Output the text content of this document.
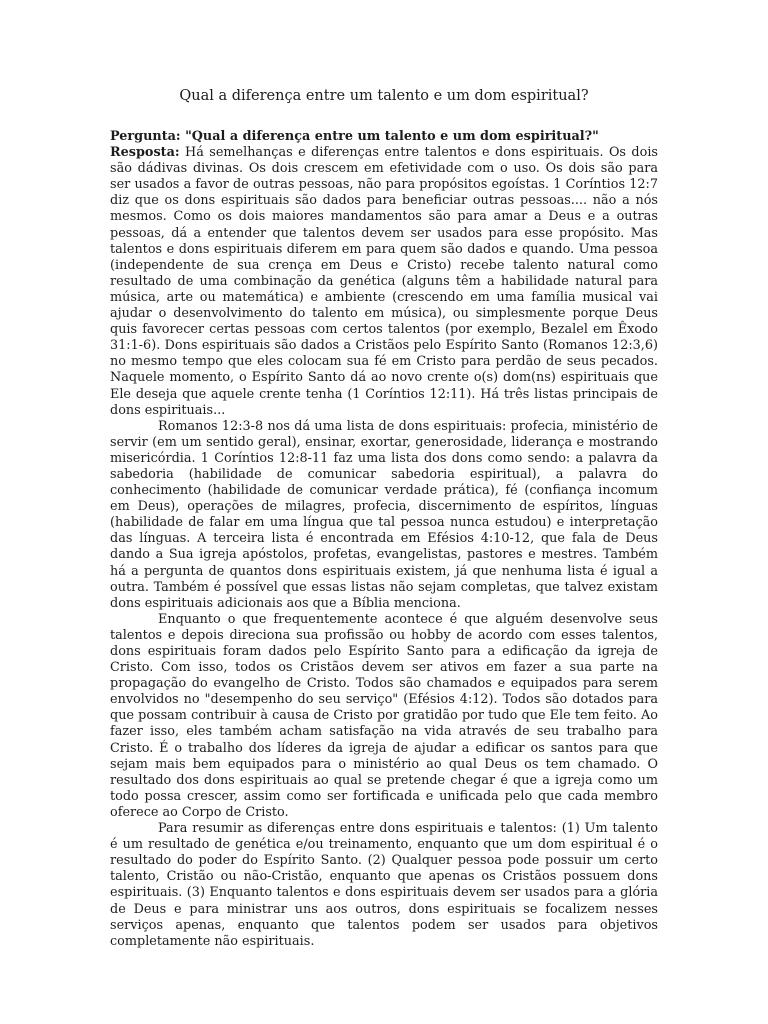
Qual a diferença entre um talento e um dom espiritual?

Pergunta: "Qual a diferença entre um talento e um dom espiritual?"

Resposta: Há semelhanças e diferenças entre talentos e dons espirituais. Os dois são dádivas divinas. Os dois crescem em efetividade com o uso. Os dois são para ser usados a favor de outras pessoas, não para propósitos egoístas. 1 Coríntios 12:7 diz que os dons espirituais são dados para beneficiar outras pessoas.... não a nós mesmos. Como os dois maiores mandamentos são para amar a Deus e a outras pessoas, dá a entender que talentos devem ser usados para esse propósito. Mas talentos e dons espirituais diferem em para quem são dados e quando. Uma pessoa (independente de sua crença em Deus e Cristo) recebe talento natural como resultado de uma combinação da genética (alguns têm a habilidade natural para música, arte ou matemática) e ambiente (crescendo em uma família musical vai ajudar o desenvolvimento do talento em música), ou simplesmente porque Deus quis favorecer certas pessoas com certos talentos (por exemplo, Bezalel em Êxodo 31:1-6). Dons espirituais são dados a Cristãos pelo Espírito Santo (Romanos 12:3,6) no mesmo tempo que eles colocam sua fé em Cristo para perdão de seus pecados. Naquele momento, o Espírito Santo dá ao novo crente o(s) dom(ns) espirituais que Ele deseja que aquele crente tenha (1 Coríntios 12:11). Há três listas principais de dons espirituais...

Romanos 12:3-8 nos dá uma lista de dons espirituais: profecia, ministério de servir (em um sentido geral), ensinar, exortar, generosidade, liderança e mostrando misericórdia. 1 Coríntios 12:8-11 faz uma lista dos dons como sendo: a palavra da sabedoria (habilidade de comunicar sabedoria espiritual), a palavra do conhecimento (habilidade de comunicar verdade prática), fé (confiança incomum em Deus), operações de milagres, profecia, discernimento de espíritos, línguas (habilidade de falar em uma língua que tal pessoa nunca estudou) e interpretação das línguas. A terceira lista é encontrada em Efésios 4:10-12, que fala de Deus dando a Sua igreja apóstolos, profetas, evangelistas, pastores e mestres. Também há a pergunta de quantos dons espirituais existem, já que nenhuma lista é igual a outra. Também é possível que essas listas não sejam completas, que talvez existam dons espirituais adicionais aos que a Bíblia menciona.

Enquanto o que frequentemente acontece é que alguém desenvolve seus talentos e depois direciona sua profissão ou hobby de acordo com esses talentos, dons espirituais foram dados pelo Espírito Santo para a edificação da igreja de Cristo. Com isso, todos os Cristãos devem ser ativos em fazer a sua parte na propagação do evangelho de Cristo. Todos são chamados e equipados para serem envolvidos no "desempenho do seu serviço" (Efésios 4:12). Todos são dotados para que possam contribuir à causa de Cristo por gratidão por tudo que Ele tem feito. Ao fazer isso, eles também acham satisfação na vida através de seu trabalho para Cristo. É o trabalho dos líderes da igreja de ajudar a edificar os santos para que sejam mais bem equipados para o ministério ao qual Deus os tem chamado. O resultado dos dons espirituais ao qual se pretende chegar é que a igreja como um todo possa crescer, assim como ser fortificada e unificada pelo que cada membro oferece ao Corpo de Cristo.

Para resumir as diferenças entre dons espirituais e talentos: (1) Um talento é um resultado de genética e/ou treinamento, enquanto que um dom espiritual é o resultado do poder do Espírito Santo. (2) Qualquer pessoa pode possuir um certo talento, Cristão ou não-Cristão, enquanto que apenas os Cristãos possuem dons espirituais. (3) Enquanto talentos e dons espirituais devem ser usados para a glória de Deus e para ministrar uns aos outros, dons espirituais se focalizem nesses serviços apenas, enquanto que talentos podem ser usados para objetivos completamente não espirituais.
